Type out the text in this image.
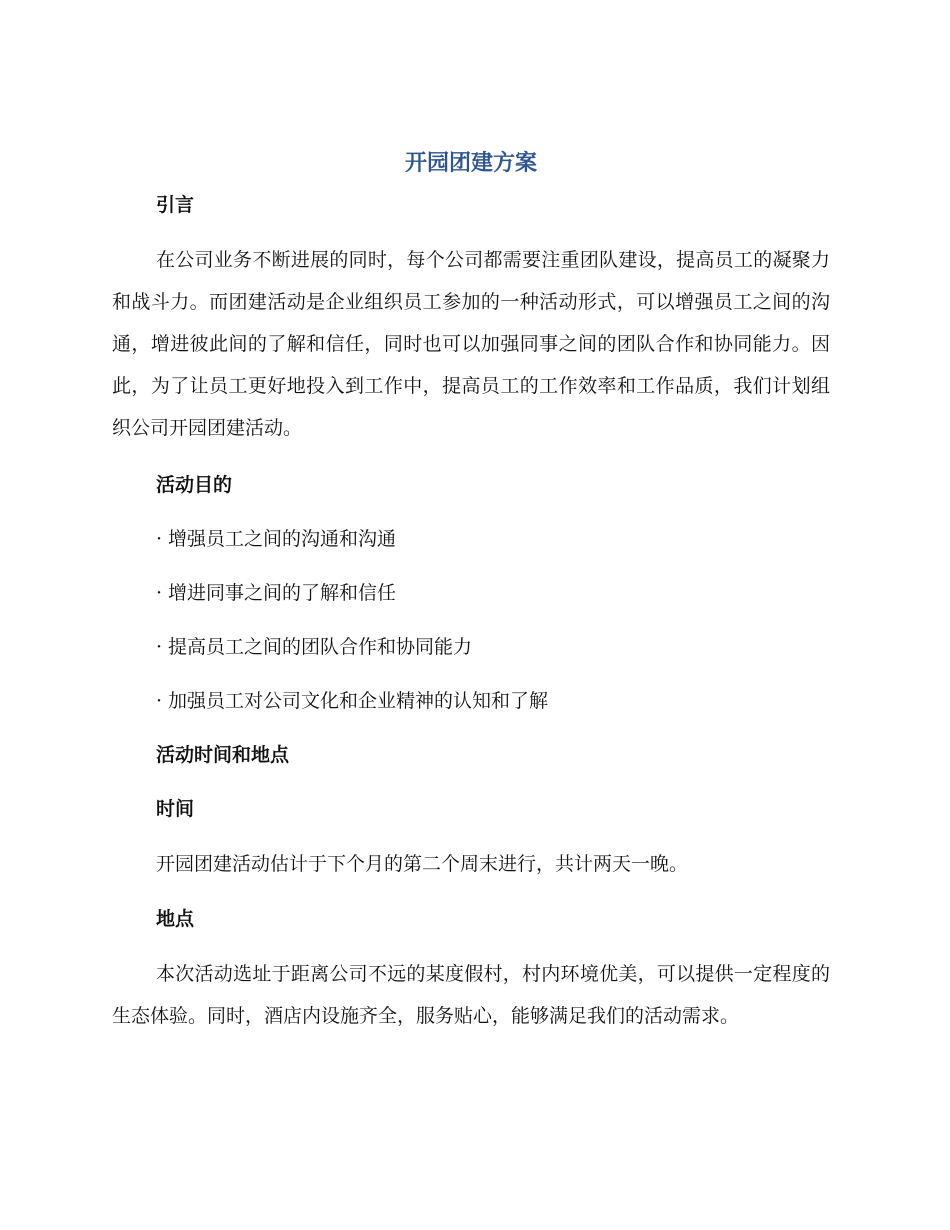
开园团建方案
引言

在公司业务不断进展的同时，每个公司都需要注重团队建设，提高员工的凝聚力和战斗力。而团建活动是企业组织员工参加的一种活动形式，可以增强员工之间的沟通，增进彼此间的了解和信任，同时也可以加强同事之间的团队合作和协同能力。因此，为了让员工更好地投入到工作中，提高员工的工作效率和工作品质，我们计划组织公司开园团建活动。

活动目的
· 增强员工之间的沟通和沟通
· 增进同事之间的了解和信任
· 提高员工之间的团队合作和协同能力
· 加强员工对公司文化和企业精神的认知和了解
活动时间和地点
时间

开园团建活动估计于下个月的第二个周末进行，共计两天一晚。

地点

本次活动选址于距离公司不远的某度假村，村内环境优美，可以提供一定程度的生态体验。同时，酒店内设施齐全，服务贴心，能够满足我们的活动需求。
